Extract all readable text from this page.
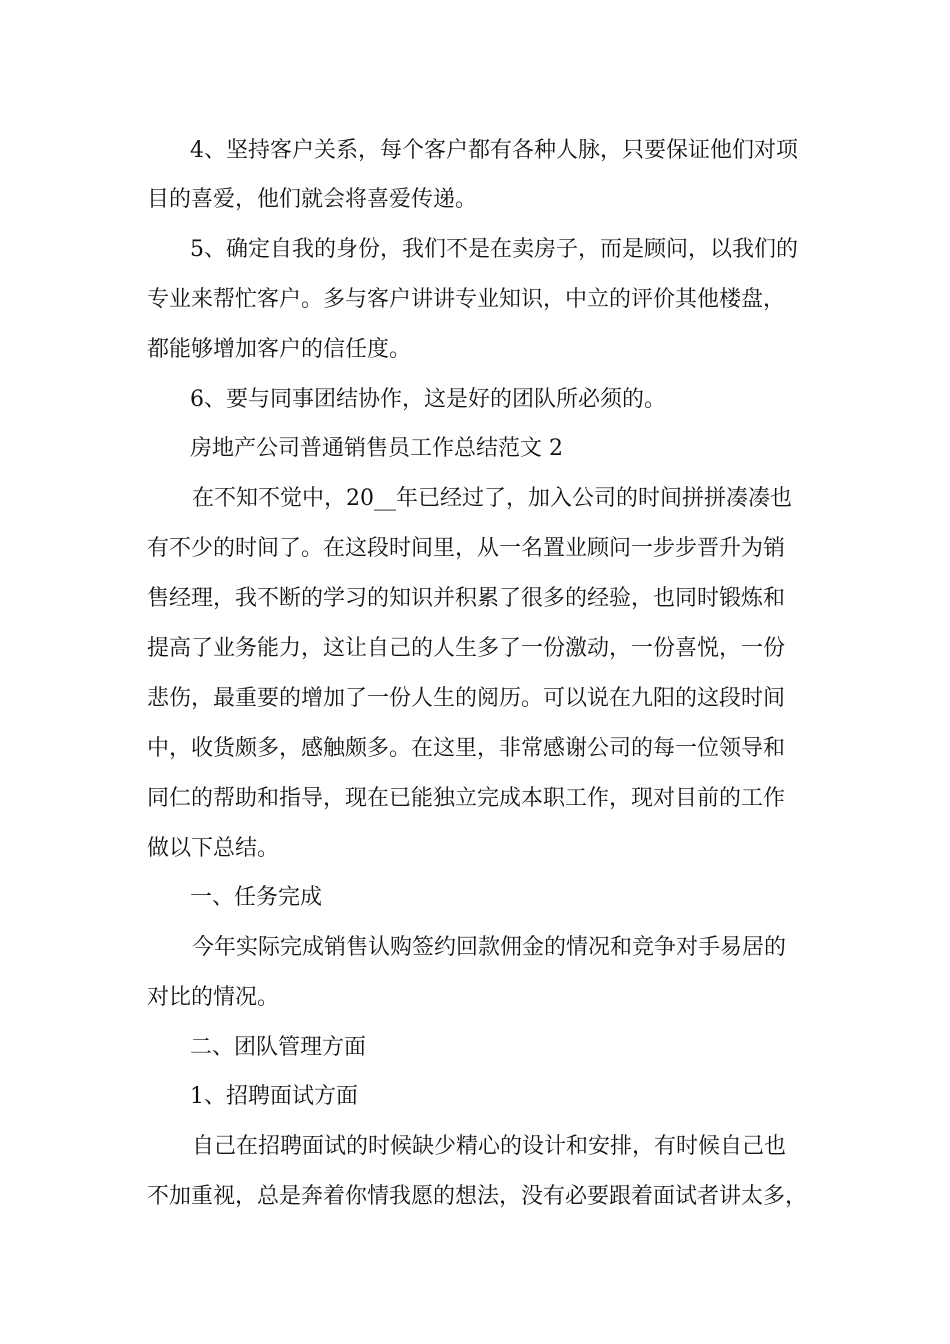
4、坚持客户关系，每个客户都有各种人脉，只要保证他们对项
目的喜爱，他们就会将喜爱传递。
5、确定自我的身份，我们不是在卖房子，而是顾问，以我们的
专业来帮忙客户。多与客户讲讲专业知识，中立的评价其他楼盘，
都能够增加客户的信任度。
6、要与同事团结协作，这是好的团队所必须的。
房地产公司普通销售员工作总结范文 2
在不知不觉中，20__年已经过了，加入公司的时间拼拼凑凑也
有不少的时间了。在这段时间里，从一名置业顾问一步步晋升为销
售经理，我不断的学习的知识并积累了很多的经验，也同时锻炼和
提高了业务能力，这让自己的人生多了一份激动，一份喜悦，一份
悲伤，最重要的增加了一份人生的阅历。可以说在九阳的这段时间
中，收货颇多，感触颇多。在这里，非常感谢公司的每一位领导和
同仁的帮助和指导，现在已能独立完成本职工作，现对目前的工作
做以下总结。
一、任务完成
今年实际完成销售认购签约回款佣金的情况和竞争对手易居的
对比的情况。
二、团队管理方面
1、招聘面试方面
自己在招聘面试的时候缺少精心的设计和安排，有时候自己也
不加重视，总是奔着你情我愿的想法，没有必要跟着面试者讲太多，
